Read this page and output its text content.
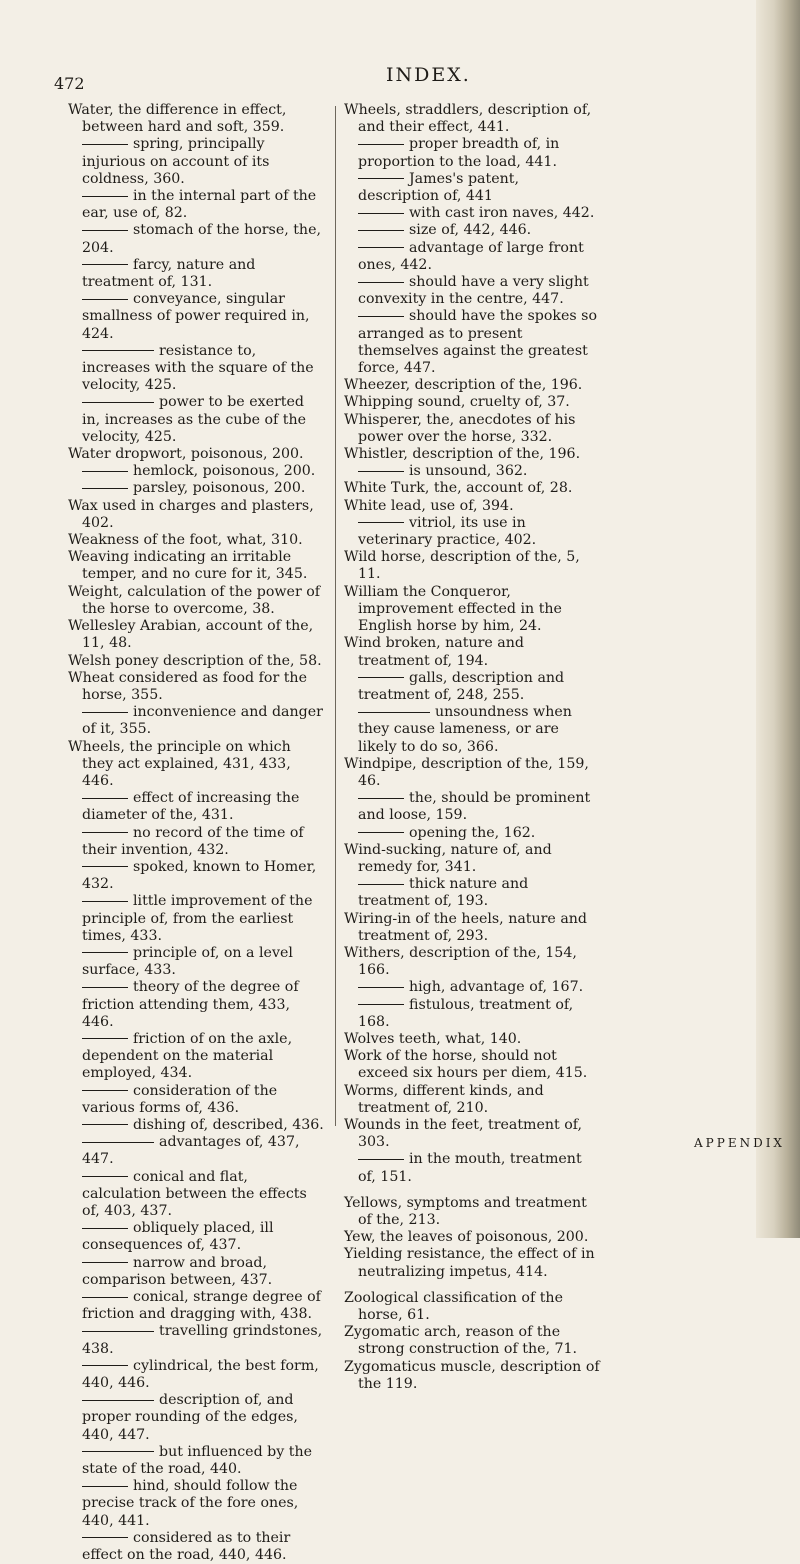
472	INDEX.

Water, the difference in effect, between hard and soft, 359.

spring, principally injurious on account of its coldness, 360.

in the internal part of the ear, use of, 82.

stomach of the horse, the, 204.

farcy, nature and treatment of, 131.

conveyance, singular smallness of power required in, 424.

resistance to, increases with the square of the velocity, 425.

power to be exerted in, increases as the cube of the velocity, 425.

Water dropwort, poisonous, 200.

hemlock, poisonous, 200.

parsley, poisonous, 200.

Wax used in charges and plasters, 402.

Weakness of the foot, what, 310.

Weaving indicating an irritable temper, and no cure for it, 345.

Weight, calculation of the power of the horse to overcome, 38.

Wellesley Arabian, account of the, 11, 48.

Welsh poney description of the, 58.

Wheat considered as food for the horse, 355.

inconvenience and danger of it, 355.

Wheels, the principle on which they act explained, 431, 433, 446.

effect of increasing the diameter of the, 431.

no record of the time of their invention, 432.

spoked, known to Homer, 432.

little improvement of the principle of, from the earliest times, 433.

principle of, on a level surface, 433.

theory of the degree of friction attending them, 433, 446.

friction of on the axle, dependent on the material employed, 434.

consideration of the various forms of, 436.

dishing of, described, 436.

advantages of, 437, 447.

conical and flat, calculation between the effects of, 403, 437.

obliquely placed, ill consequences of, 437.

narrow and broad, comparison between, 437.

conical, strange degree of friction and dragging with, 438.

travelling grindstones, 438.

cylindrical, the best form, 440, 446.

description of, and proper rounding of the edges, 440, 447.

but influenced by the state of the road, 440.

hind, should follow the precise track of the fore ones, 440, 441.

considered as to their effect on the road, 440, 446.

Wheels, straddlers, description of, and their effect, 441.

proper breadth of, in proportion to the load, 441.

James's patent, description of, 441

with cast iron naves, 442.

size of, 442, 446.

advantage of large front ones, 442.

should have a very slight convexity in the centre, 447.

should have the spokes so arranged as to present themselves against the greatest force, 447.

Wheezer, description of the, 196.

Whipping sound, cruelty of, 37.

Whisperer, the, anecdotes of his power over the horse, 332.

Whistler, description of the, 196.

is unsound, 362.

White Turk, the, account of, 28.

White lead, use of, 394.

vitriol, its use in veterinary practice, 402.

Wild horse, description of the, 5, 11.

William the Conqueror, improvement effected in the English horse by him, 24.

Wind broken, nature and treatment of, 194.

galls, description and treatment of, 248, 255.

unsoundness when they cause lameness, or are likely to do so, 366.

Windpipe, description of the, 159, 46.

the, should be prominent and loose, 159.

opening the, 162.

Wind-sucking, nature of, and remedy for, 341.

thick nature and treatment of, 193.

Wiring-in of the heels, nature and treatment of, 293.

Withers, description of the, 154, 166.

high, advantage of, 167.

fistulous, treatment of, 168.

Wolves teeth, what, 140.

Work of the horse, should not exceed six hours per diem, 415.

Worms, different kinds, and treatment of, 210.

Wounds in the feet, treatment of, 303.

in the mouth, treatment of, 151.

Yellows, symptoms and treatment of the, 213.

Yew, the leaves of poisonous, 200.

Yielding resistance, the effect of in neutralizing impetus, 414.

Zoological classification of the horse, 61.

Zygomatic arch, reason of the strong construction of the, 71.

Zygomaticus muscle, description of the 119.

APPENDIX
